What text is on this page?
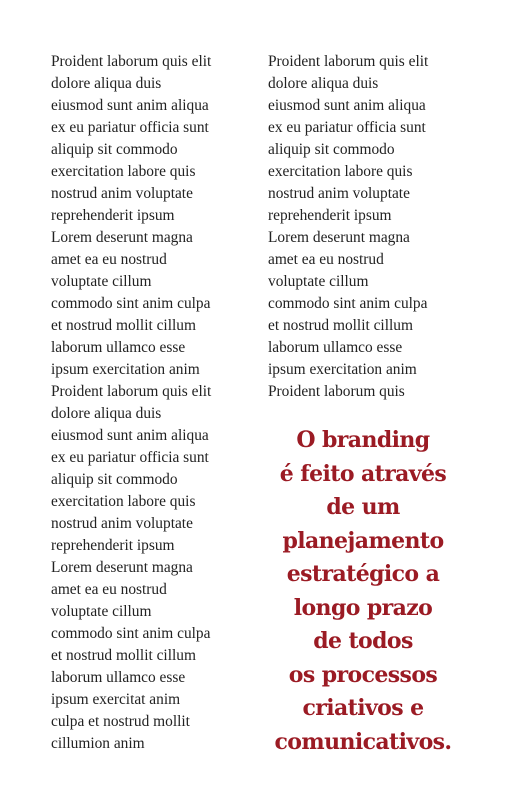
Proident laborum quis elit
dolore aliqua duis
eiusmod sunt anim aliqua
ex eu pariatur officia sunt
aliquip sit commodo
exercitation labore quis
nostrud anim voluptate
reprehenderit ipsum
Lorem deserunt magna
amet ea eu nostrud
voluptate cillum
commodo sint anim culpa
et nostrud mollit cillum
laborum ullamco esse
ipsum exercitation anim
Proident laborum quis elit
dolore aliqua duis
eiusmod sunt anim aliqua
ex eu pariatur officia sunt
aliquip sit commodo
exercitation labore quis
nostrud anim voluptate
reprehenderit ipsum
Lorem deserunt magna
amet ea eu nostrud
voluptate cillum
commodo sint anim culpa
et nostrud mollit cillum
laborum ullamco esse
ipsum exercitat anim
culpa et nostrud mollit
cillumion anim

Proident laborum quis elit
dolore aliqua duis
eiusmod sunt anim aliqua
ex eu pariatur officia sunt
aliquip sit commodo
exercitation labore quis
nostrud anim voluptate
reprehenderit ipsum
Lorem deserunt magna
amet ea eu nostrud
voluptate cillum
commodo sint anim culpa
et nostrud mollit cillum
laborum ullamco esse
ipsum exercitation anim
Proident laborum quis

O branding
é feito através
de um
planejamento
estratégico a
longo prazo
de todos
os processos
criativos e
comunicativos.
